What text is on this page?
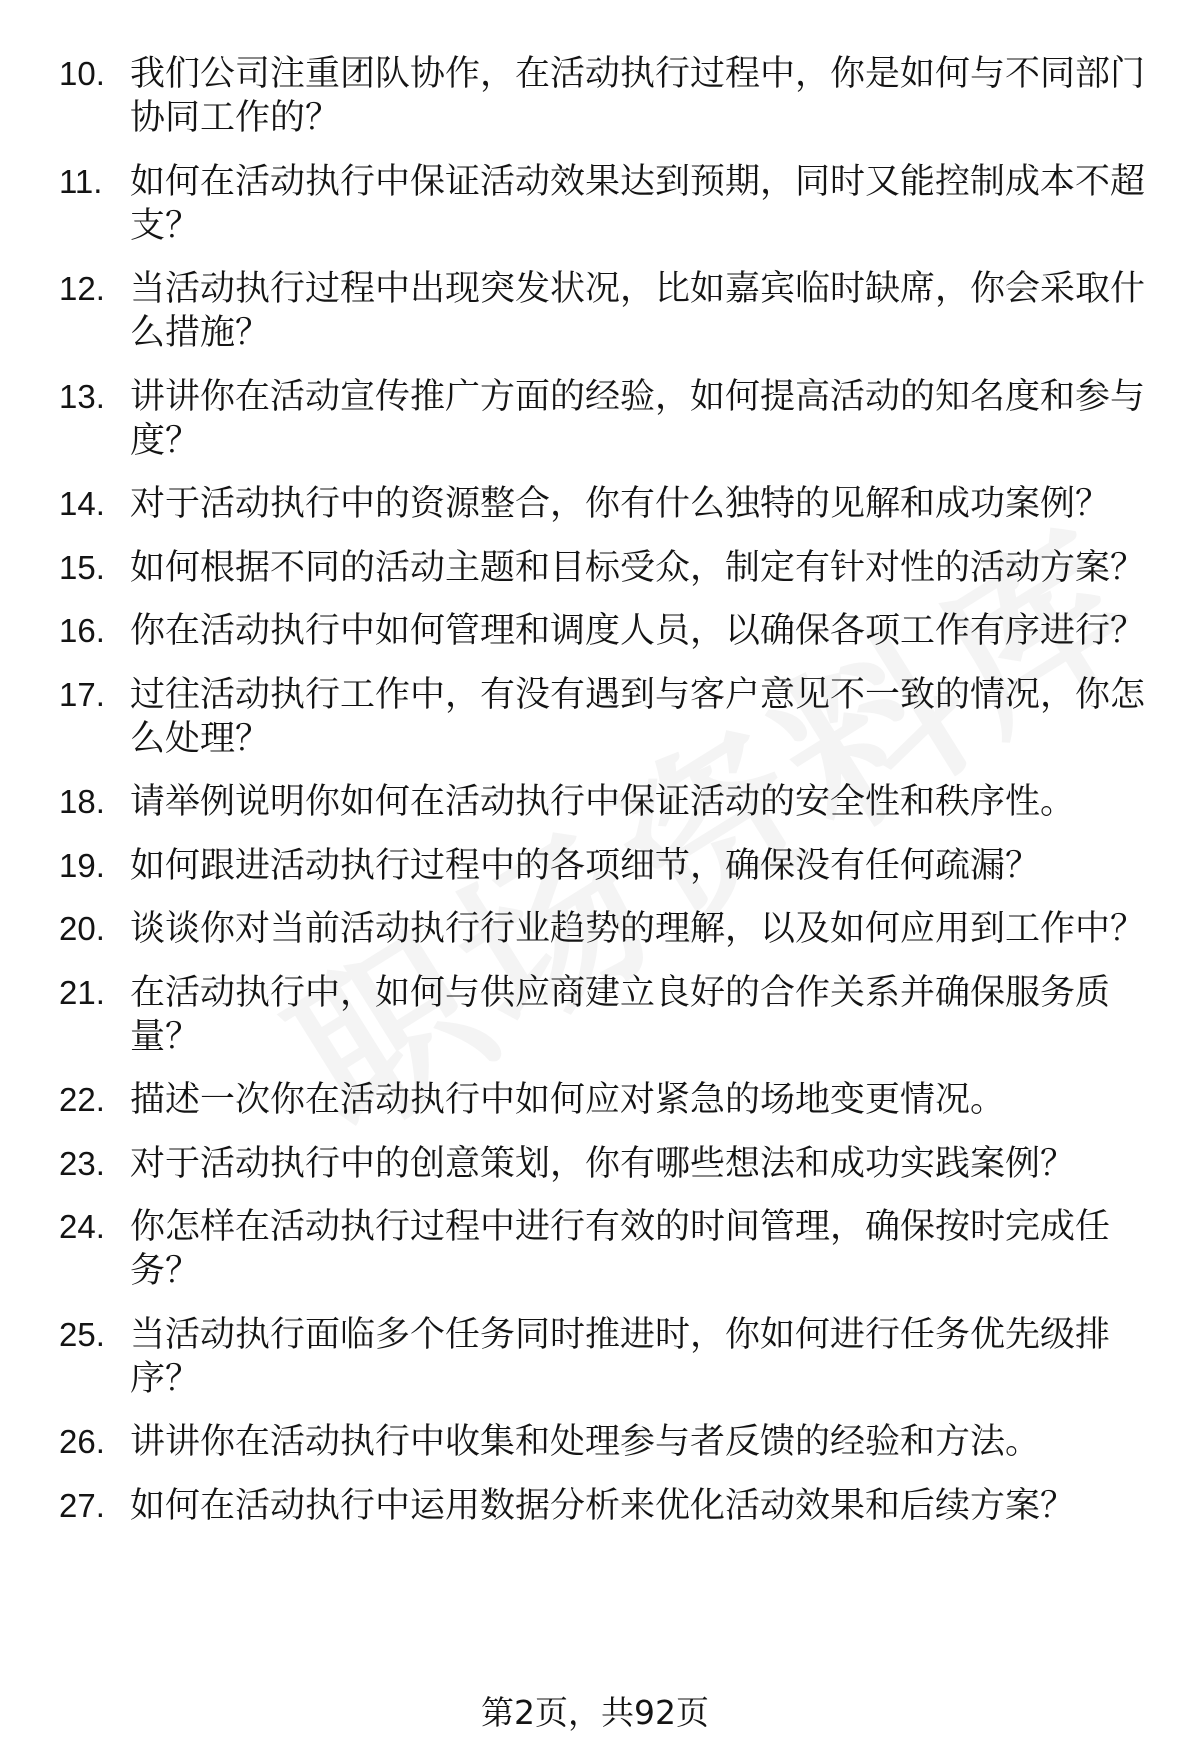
10. 我们公司注重团队协作，在活动执行过程中，你是如何与不同部门协同工作的？
11. 如何在活动执行中保证活动效果达到预期，同时又能控制成本不超支？
12. 当活动执行过程中出现突发状况，比如嘉宾临时缺席，你会采取什么措施？
13. 讲讲你在活动宣传推广方面的经验，如何提高活动的知名度和参与度？
14. 对于活动执行中的资源整合，你有什么独特的见解和成功案例？
15. 如何根据不同的活动主题和目标受众，制定有针对性的活动方案？
16. 你在活动执行中如何管理和调度人员，以确保各项工作有序进行？
17. 过往活动执行工作中，有没有遇到与客户意见不一致的情况，你怎么处理？
18. 请举例说明你如何在活动执行中保证活动的安全性和秩序性。
19. 如何跟进活动执行过程中的各项细节，确保没有任何疏漏？
20. 谈谈你对当前活动执行行业趋势的理解，以及如何应用到工作中？
21. 在活动执行中，如何与供应商建立良好的合作关系并确保服务质量？
22. 描述一次你在活动执行中如何应对紧急的场地变更情况。
23. 对于活动执行中的创意策划，你有哪些想法和成功实践案例？
24. 你怎样在活动执行过程中进行有效的时间管理，确保按时完成任务？
25. 当活动执行面临多个任务同时推进时，你如何进行任务优先级排序？
26. 讲讲你在活动执行中收集和处理参与者反馈的经验和方法。
27. 如何在活动执行中运用数据分析来优化活动效果和后续方案？
第2页，共92页
